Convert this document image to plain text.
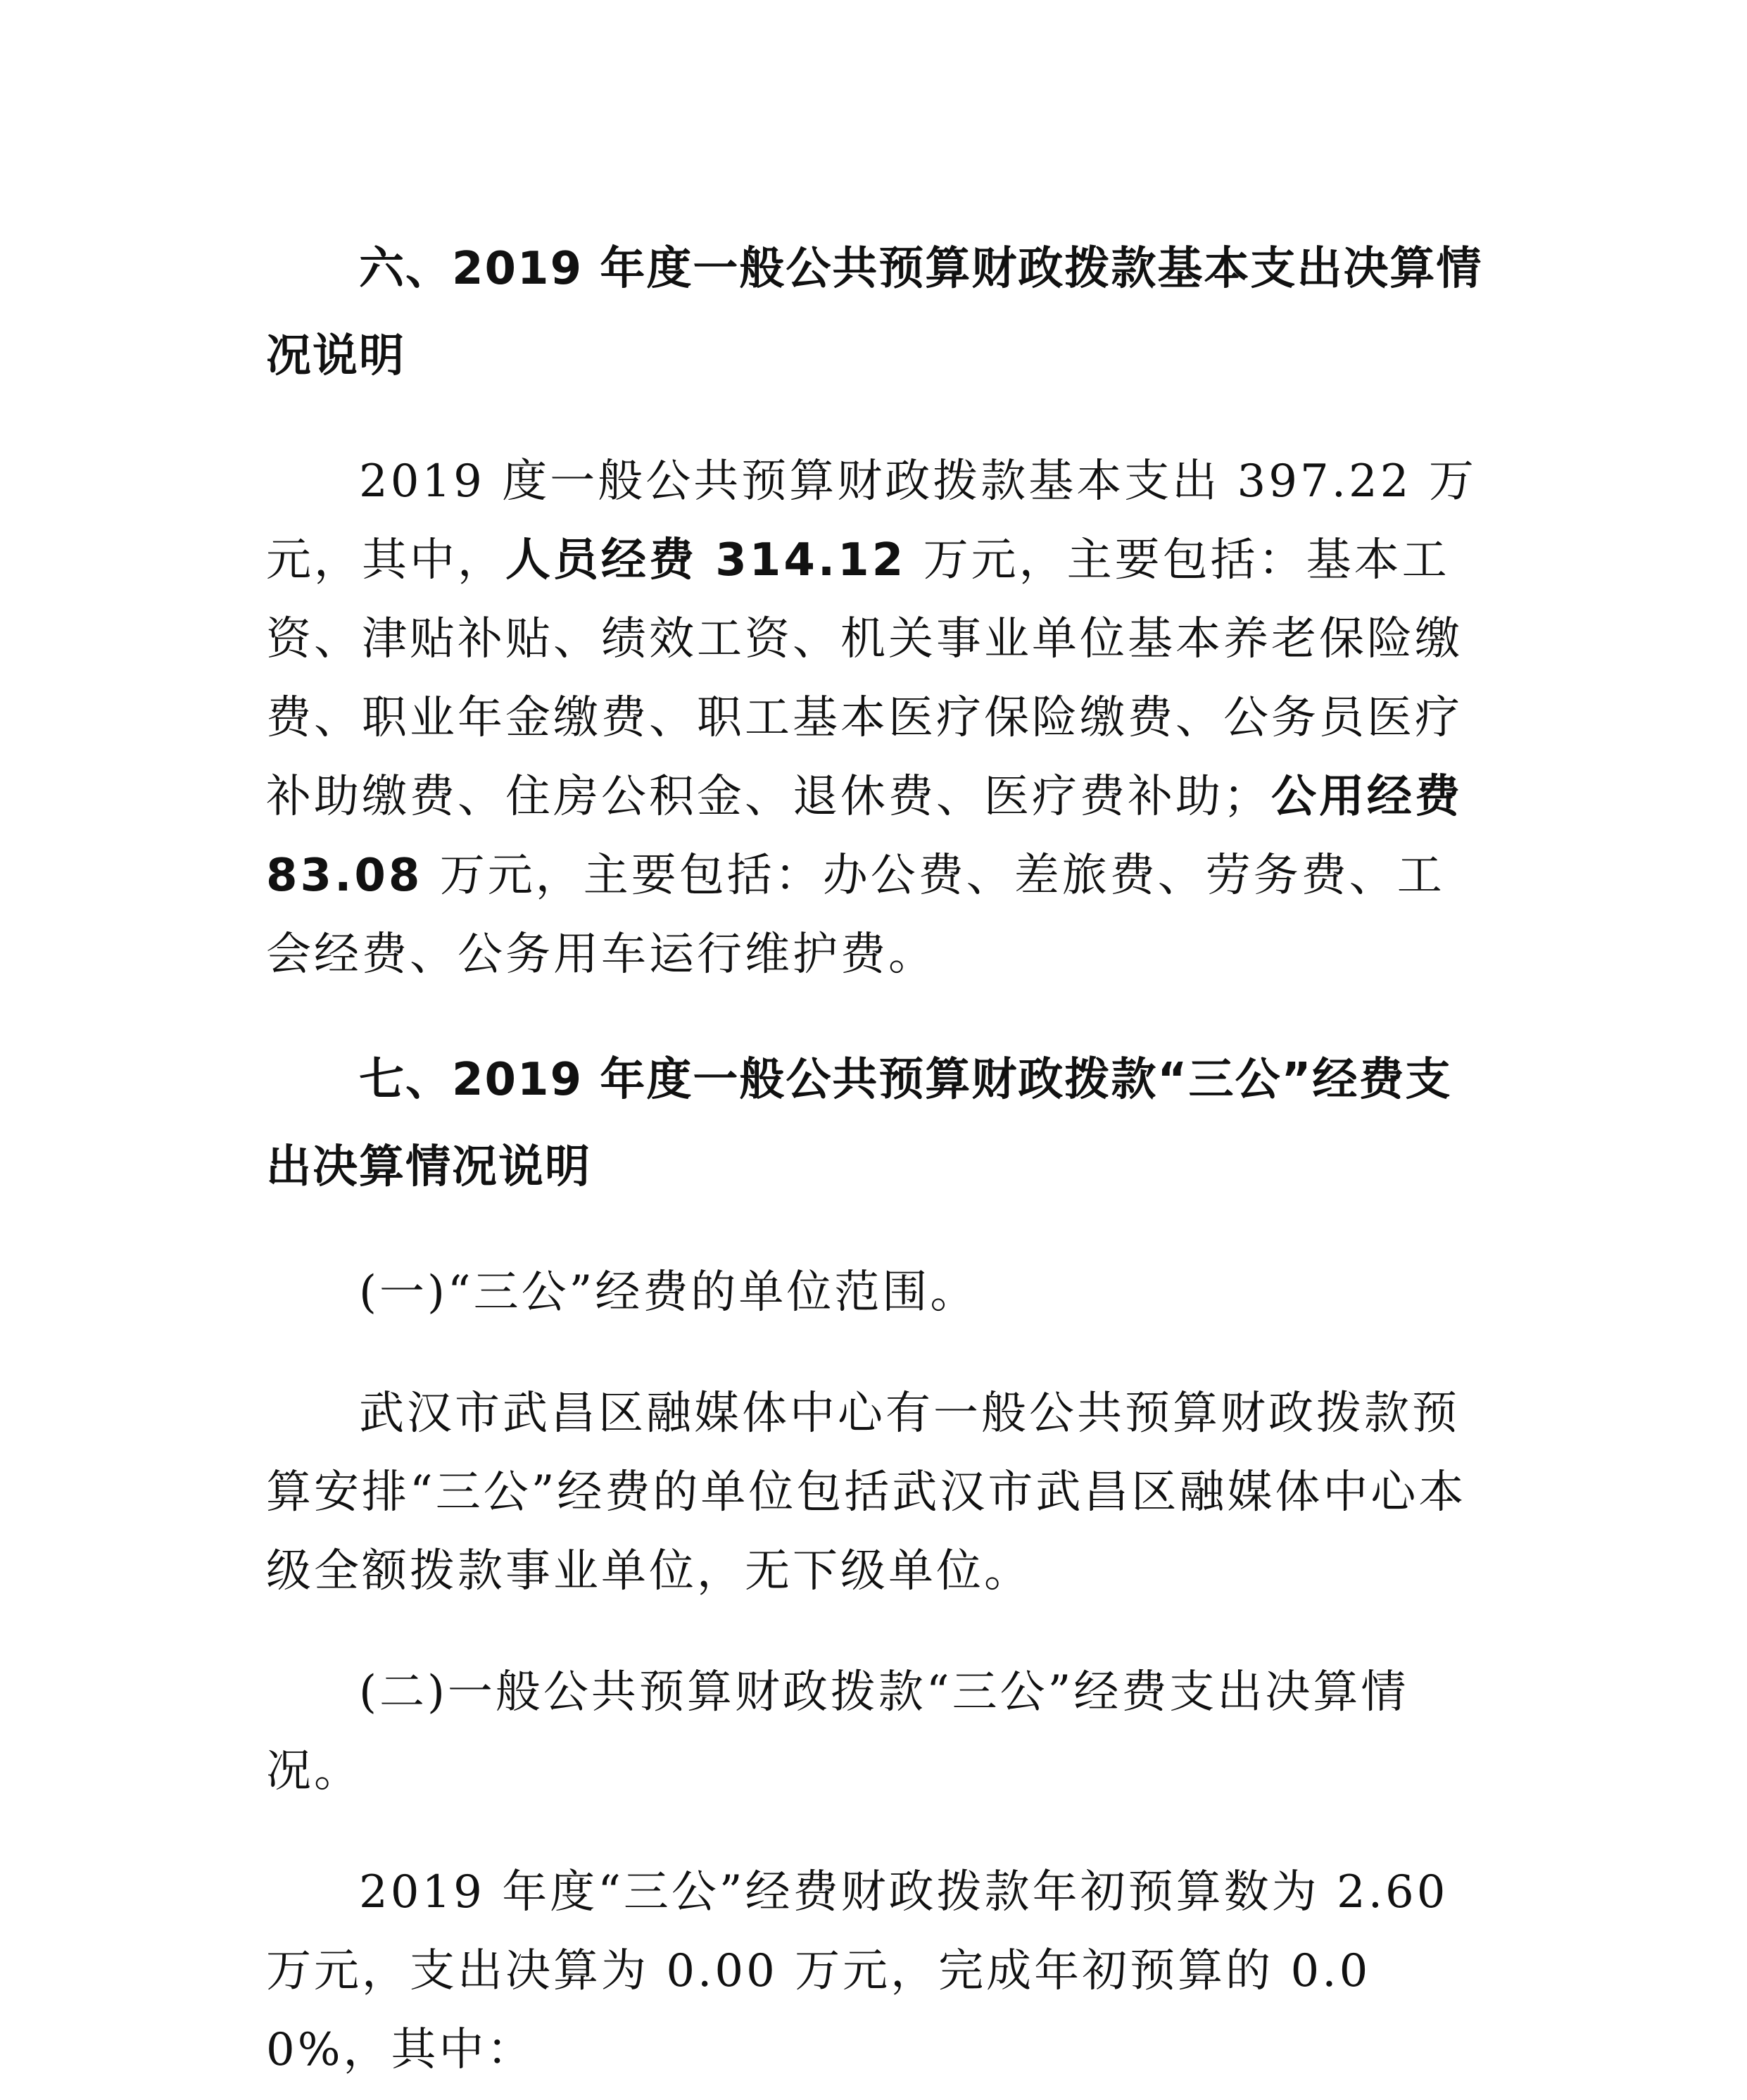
六、2019 年度一般公共预算财政拨款基本支出决算情况说明

2019 度一般公共预算财政拨款基本支出 397.22 万元，其中，人员经费 314.12 万元，主要包括：基本工资、津贴补贴、绩效工资、机关事业单位基本养老保险缴费、职业年金缴费、职工基本医疗保险缴费、公务员医疗补助缴费、住房公积金、退休费、医疗费补助；公用经费 83.08 万元，主要包括：办公费、差旅费、劳务费、工会经费、公务用车运行维护费。

七、2019 年度一般公共预算财政拨款“三公”经费支出决算情况说明

(一)“三公”经费的单位范围。

武汉市武昌区融媒体中心有一般公共预算财政拨款预算安排“三公”经费的单位包括武汉市武昌区融媒体中心本级全额拨款事业单位，无下级单位。

(二)一般公共预算财政拨款“三公”经费支出决算情况。

2019 年度“三公”经费财政拨款年初预算数为 2.60 万元，支出决算为 0.00 万元，完成年初预算的 0.00%，其中：
